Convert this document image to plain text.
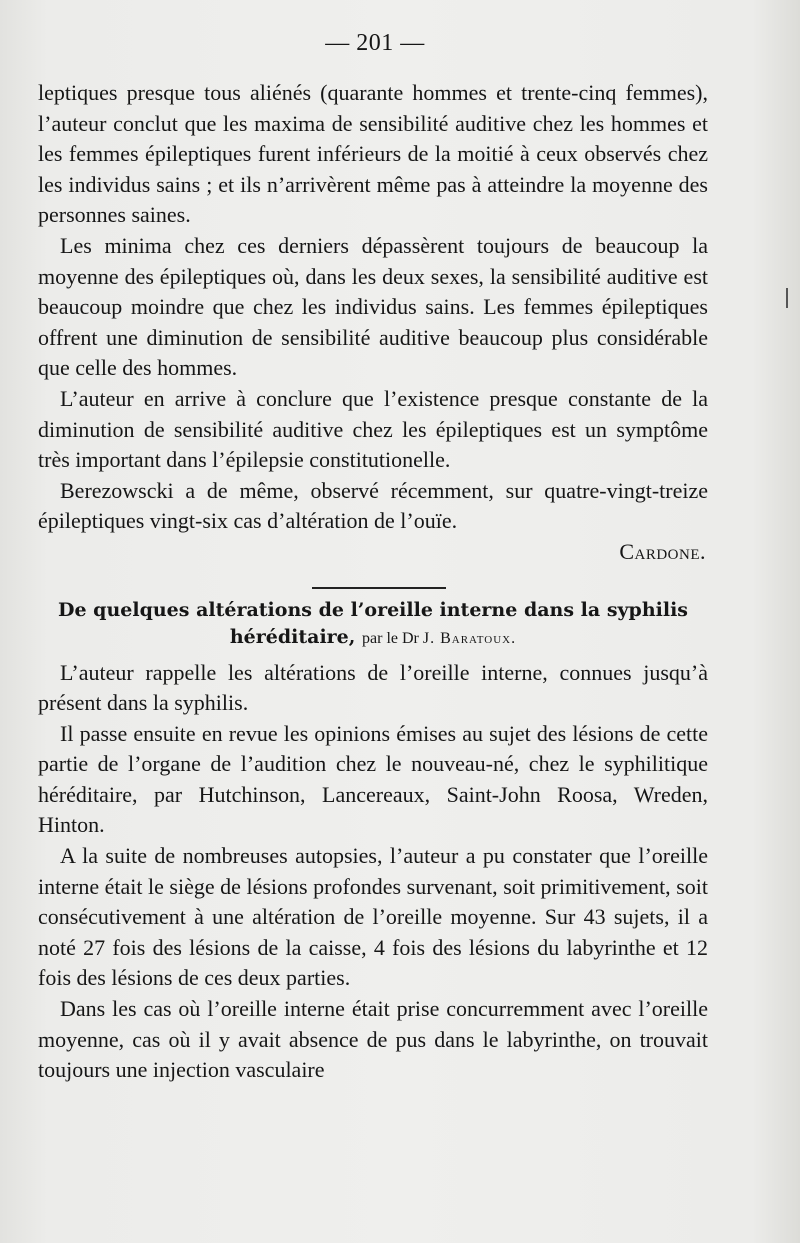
— 201 —

leptiques presque tous aliénés (quarante hommes et trente-cinq femmes), l’auteur conclut que les maxima de sensibilité auditive chez les hommes et les femmes épileptiques furent inférieurs de la moitié à ceux observés chez les individus sains ; et ils n’arrivèrent même pas à atteindre la moyenne des personnes saines.

Les minima chez ces derniers dépassèrent toujours de beaucoup la moyenne des épileptiques où, dans les deux sexes, la sensibilité auditive est beaucoup moindre que chez les individus sains. Les femmes épileptiques offrent une diminution de sensibilité auditive beaucoup plus considérable que celle des hommes.

L’auteur en arrive à conclure que l’existence presque constante de la diminution de sensibilité auditive chez les épileptiques est un symptôme très important dans l’épilepsie constitutionelle.

Berezowscki a de même, observé récemment, sur quatre-vingt-treize épileptiques vingt-six cas d’altération de l’ouïe.

Cardone.

De quelques altérations de l’oreille interne dans la syphilis héréditaire, par le Dr J. Baratoux.

L’auteur rappelle les altérations de l’oreille interne, connues jusqu’à présent dans la syphilis.

Il passe ensuite en revue les opinions émises au sujet des lésions de cette partie de l’organe de l’audition chez le nouveau-né, chez le syphilitique héréditaire, par Hutchinson, Lancereaux, Saint-John Roosa, Wreden, Hinton.

A la suite de nombreuses autopsies, l’auteur a pu constater que l’oreille interne était le siège de lésions profondes survenant, soit primitivement, soit consécutivement à une altération de l’oreille moyenne. Sur 43 sujets, il a noté 27 fois des lésions de la caisse, 4 fois des lésions du labyrinthe et 12 fois des lésions de ces deux parties.

Dans les cas où l’oreille interne était prise concurremment avec l’oreille moyenne, cas où il y avait absence de pus dans le labyrinthe, on trouvait toujours une injection vasculaire
